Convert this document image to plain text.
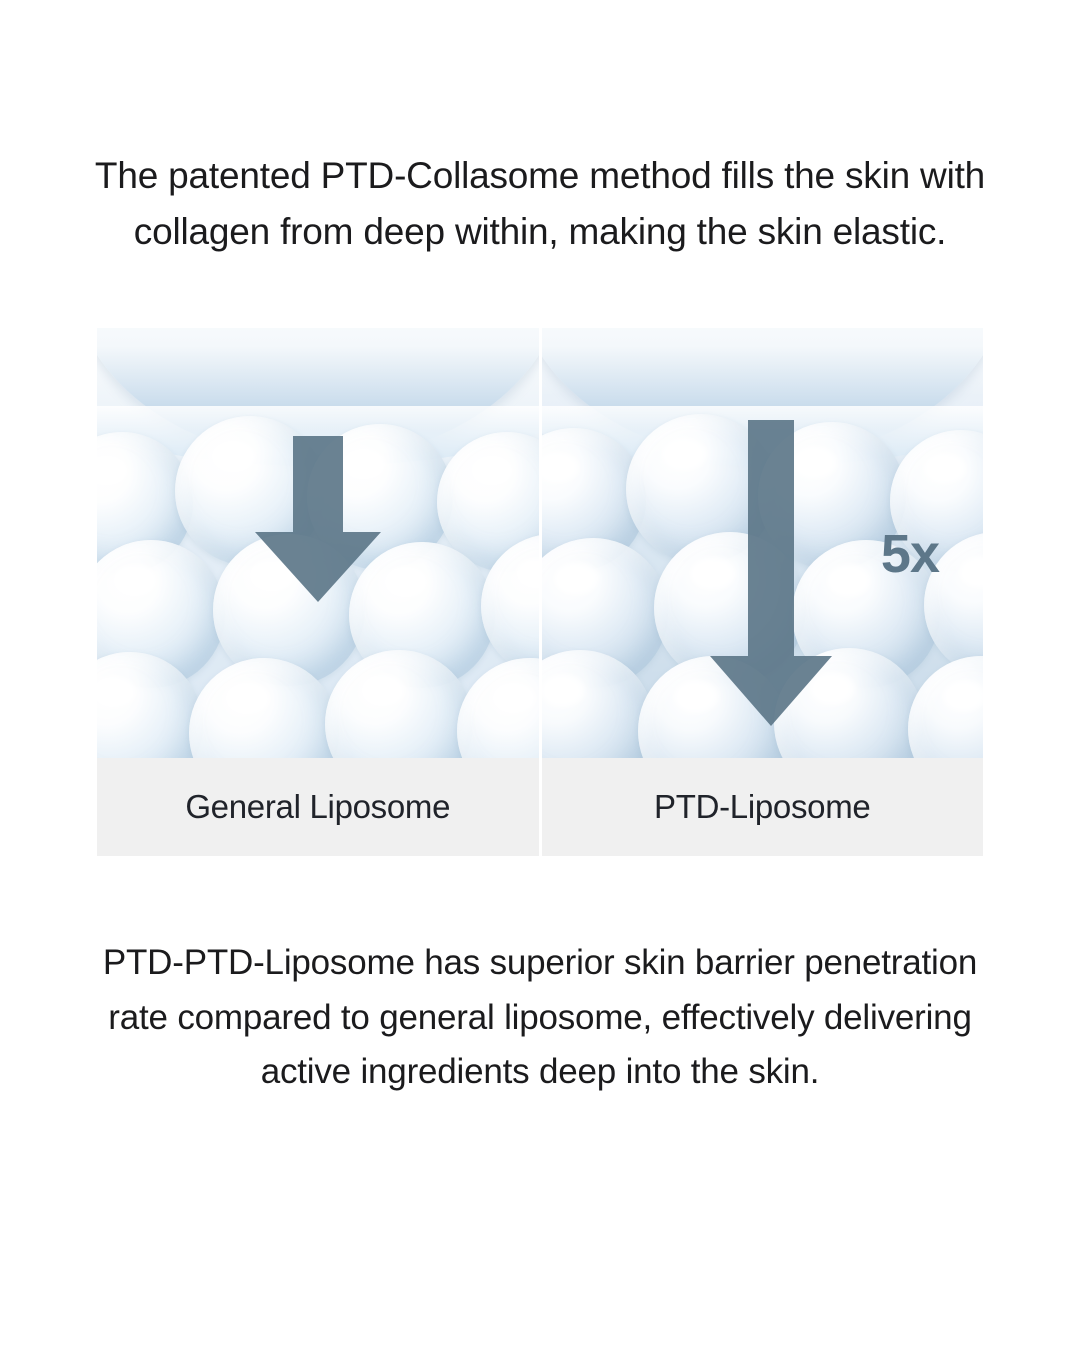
The patented PTD-Collasome method fills the skin with collagen from deep within, making the skin elastic.
General Liposome
5x
PTD-Liposome
PTD-PTD-Liposome has superior skin barrier penetration rate compared to general liposome, effectively delivering active ingredients deep into the skin.
